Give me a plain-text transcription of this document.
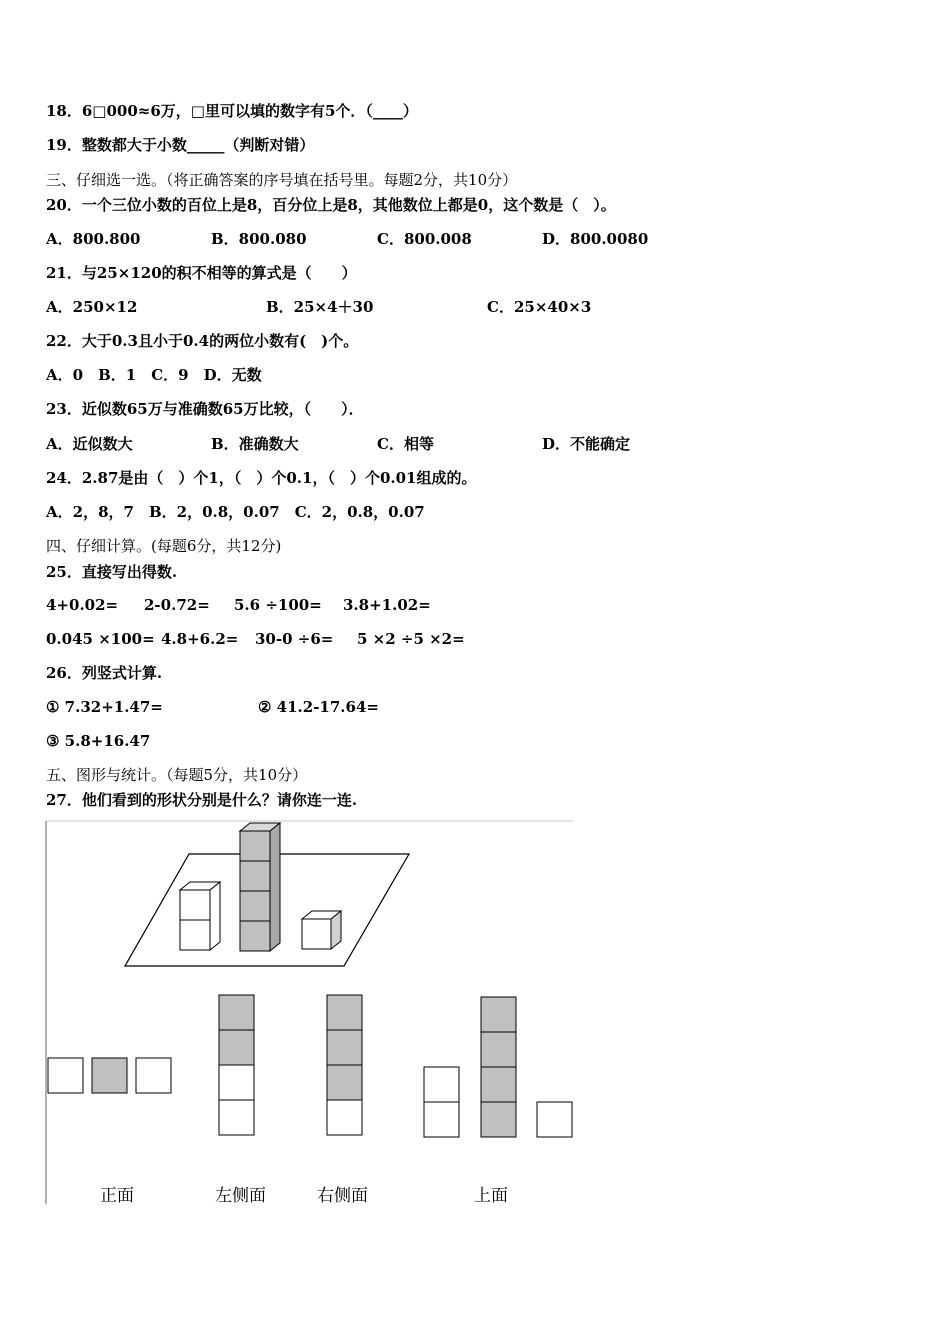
18．6□000≈6万，□里可以填的数字有5个．（____）
19．整数都大于小数_____（判断对错）
三、仔细选一选。（将正确答案的序号填在括号里。每题2分，共10分）
20．一个三位小数的百位上是8，百分位上是8，其他数位上都是0，这个数是（　）。
A．800.800	B．800.080	C．800.008	D．800.0080
21．与25×120的积不相等的算式是（　　）
A．250×12	B．25×4＋30	C．25×40×3
22．大于0.3且小于0.4的两位小数有(　)个。
A．0　B．1　C．9　D．无数
23．近似数65万与准确数65万比较，（　　）．
A．近似数大	B．准确数大	C．相等	D．不能确定
24．2.87是由（　）个1，（　）个0.1，（　）个0.01组成的。
A．2，8，7　B．2，0.8，0.07　C．2，0.8，0.07
四、仔细计算。(每题6分，共12分)
25．直接写出得数.
4+0.02= 2-0.72= 5.6 ÷100= 3.8+1.02=
0.045 ×100= 4.8+6.2= 30-0 ÷6= 5 ×2 ÷5 ×2=
26．列竖式计算.
① 7.32+1.47=	② 41.2-17.64=
③ 5.8+16.47
五、图形与统计。（每题5分，共10分）
27．他们看到的形状分别是什么？请你连一连.
正面	左侧面	右侧面	上面
